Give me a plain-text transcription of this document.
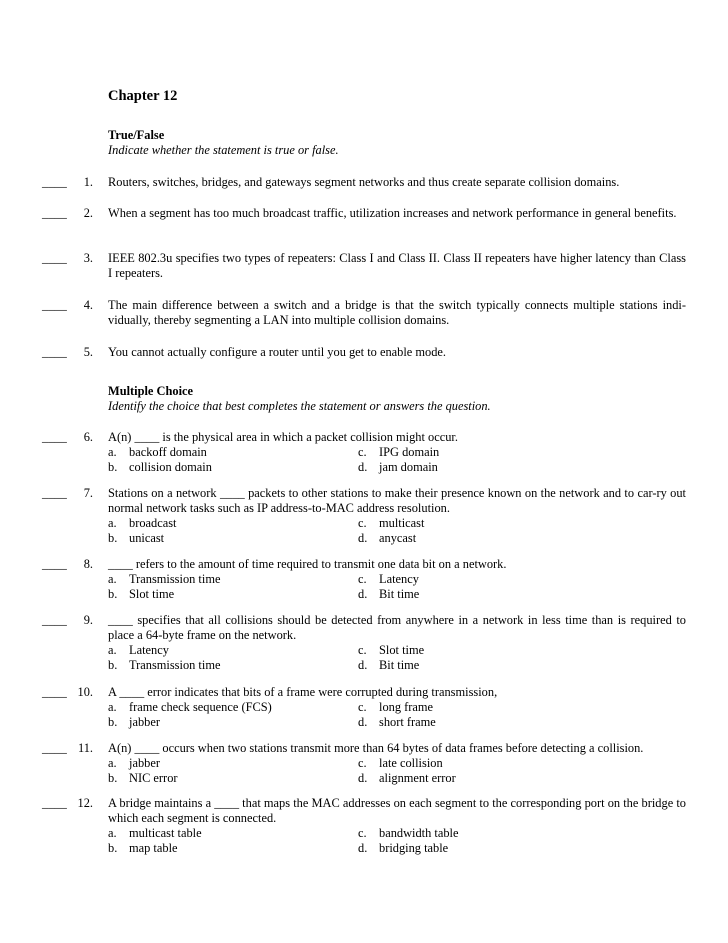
Chapter 12
True/False
Indicate whether the statement is true or false.
____ 1. Routers, switches, bridges, and gateways segment networks and thus create separate collision domains.
____ 2. When a segment has too much broadcast traffic, utilization increases and network performance in general benefits.
____ 3. IEEE 802.3u specifies two types of repeaters: Class I and Class II. Class II repeaters have higher latency than Class I repeaters.
____ 4. The main difference between a switch and a bridge is that the switch typically connects multiple stations indi-vidually, thereby segmenting a LAN into multiple collision domains.
____ 5. You cannot actually configure a router until you get to enable mode.
Multiple Choice
Identify the choice that best completes the statement or answers the question.
____ 6. A(n) ____ is the physical area in which a packet collision might occur.
a. backoff domain
b. collision domain
c. IPG domain
d. jam domain
____ 7. Stations on a network ____ packets to other stations to make their presence known on the network and to car-ry out normal network tasks such as IP address-to-MAC address resolution.
a. broadcast
b. unicast
c. multicast
d. anycast
____ 8. ____ refers to the amount of time required to transmit one data bit on a network.
a. Transmission time
b. Slot time
c. Latency
d. Bit time
____ 9. ____ specifies that all collisions should be detected from anywhere in a network in less time than is required to place a 64-byte frame on the network.
a. Latency
b. Transmission time
c. Slot time
d. Bit time
____ 10. A ____ error indicates that bits of a frame were corrupted during transmission,
a. frame check sequence (FCS)
b. jabber
c. long frame
d. short frame
____ 11. A(n) ____ occurs when two stations transmit more than 64 bytes of data frames before detecting a collision.
a. jabber
b. NIC error
c. late collision
d. alignment error
____ 12. A bridge maintains a ____ that maps the MAC addresses on each segment to the corresponding port on the bridge to which each segment is connected.
a. multicast table
b. map table
c. bandwidth table
d. bridging table
